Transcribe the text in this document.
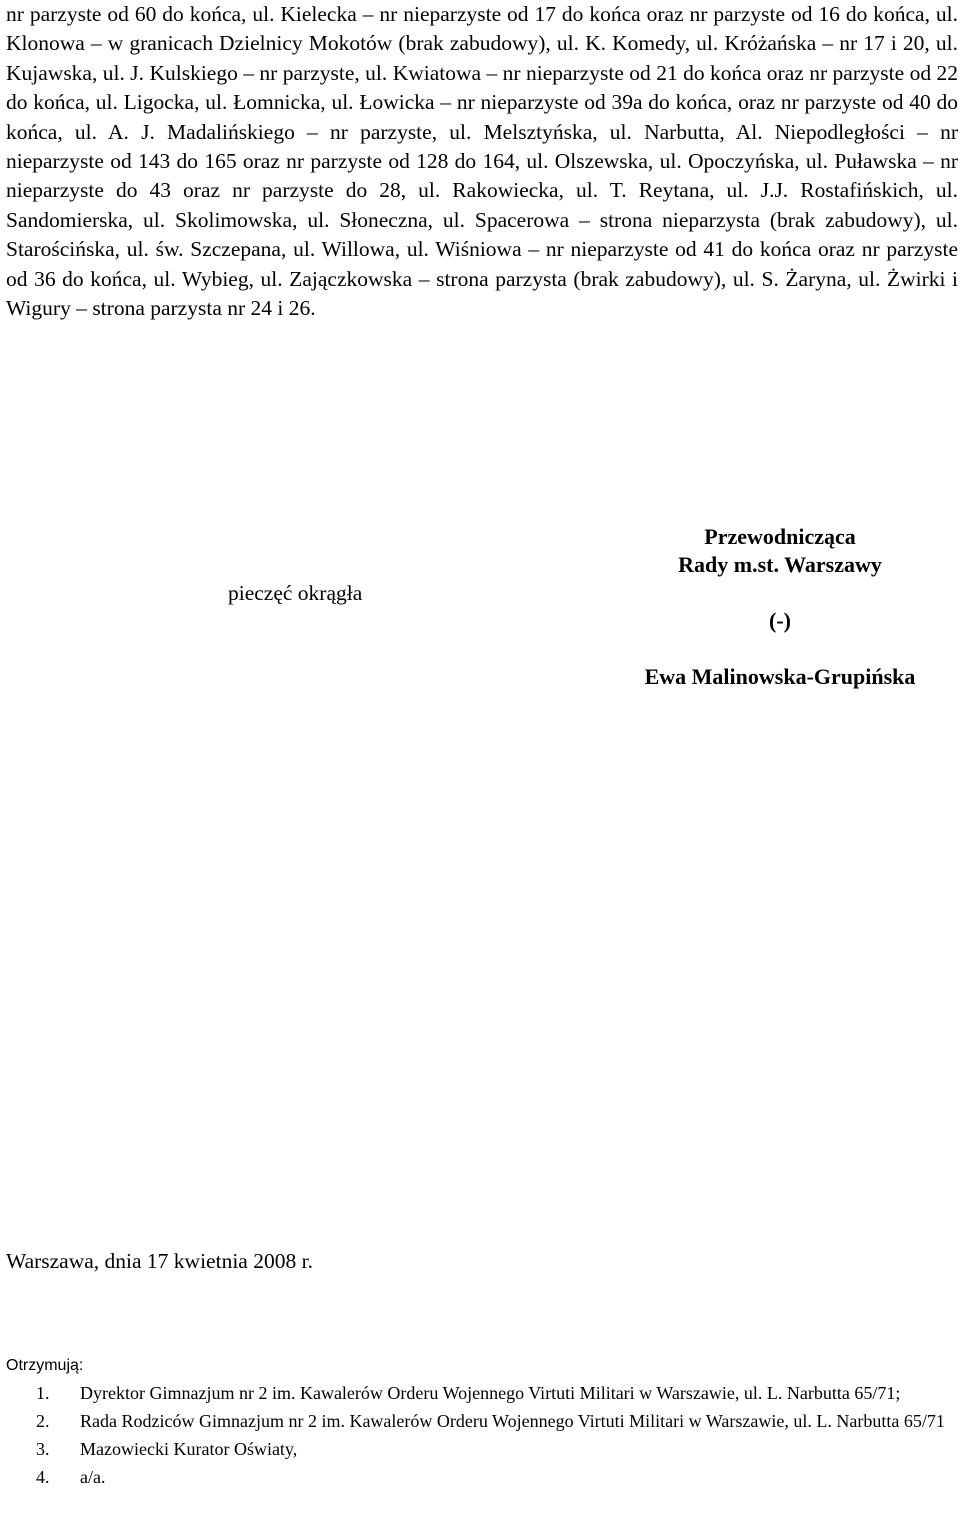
nr parzyste od 60 do końca, ul. Kielecka – nr nieparzyste od 17 do końca oraz nr parzyste od 16 do końca, ul. Klonowa – w granicach Dzielnicy Mokotów (brak zabudowy), ul. K. Komedy, ul. Króżańska – nr 17 i 20, ul. Kujawska, ul. J. Kulskiego – nr parzyste, ul. Kwiatowa – nr nieparzyste od 21 do końca oraz nr parzyste od 22 do końca, ul. Ligocka, ul. Łomnicka, ul. Łowicka – nr nieparzyste od 39a do końca, oraz nr parzyste od 40 do końca, ul. A. J. Madalińskiego – nr parzyste, ul. Melsztyńska, ul. Narbutta, Al. Niepodległości – nr nieparzyste od 143 do 165 oraz nr parzyste od 128 do 164, ul. Olszewska, ul. Opoczyńska, ul. Puławska – nr nieparzyste do 43 oraz nr parzyste do 28, ul. Rakowiecka, ul. T. Reytana, ul. J.J. Rostafińskich, ul. Sandomierska, ul. Skolimowska, ul. Słoneczna, ul. Spacerowa – strona nieparzysta (brak zabudowy), ul. Starościńska, ul. św. Szczepana, ul. Willowa, ul. Wiśniowa – nr nieparzyste od 41 do końca oraz nr parzyste od 36 do końca, ul. Wybieg, ul. Zajączkowska – strona parzysta (brak zabudowy), ul. S. Żaryna, ul. Żwirki i Wigury – strona parzysta nr 24 i 26.

pieczęć okrągła
Przewodnicząca
Rady m.st. Warszawy
(-)
Ewa Malinowska-Grupińska
Warszawa, dnia 17 kwietnia 2008 r.
Otrzymują:
1. Dyrektor Gimnazjum nr 2 im. Kawalerów Orderu Wojennego Virtuti Militari w Warszawie, ul. L. Narbutta 65/71;
2. Rada Rodziców Gimnazjum nr 2 im. Kawalerów Orderu Wojennego Virtuti Militari w Warszawie, ul. L. Narbutta 65/71
3. Mazowiecki Kurator Oświaty,
4. a/a.
